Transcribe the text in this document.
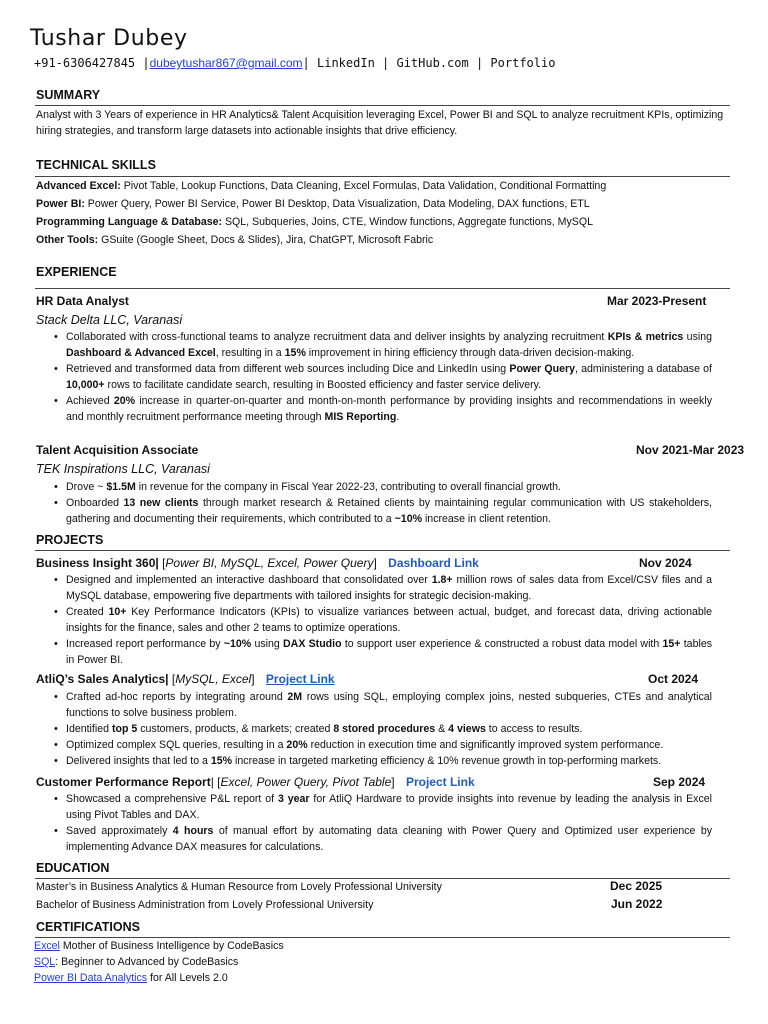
Tushar Dubey
+91-6306427845 |dubeytushar867@gmail.com| LinkedIn | GitHub.com | Portfolio
SUMMARY
Analyst with 3 Years of experience in HR Analytics& Talent Acquisition leveraging Excel, Power BI and SQL to analyze recruitment KPIs, optimizing hiring strategies, and transform large datasets into actionable insights that drive efficiency.
TECHNICAL SKILLS
Advanced Excel: Pivot Table, Lookup Functions, Data Cleaning, Excel Formulas, Data Validation, Conditional Formatting
Power BI: Power Query, Power BI Service, Power BI Desktop, Data Visualization, Data Modeling, DAX functions, ETL
Programming Language & Database: SQL, Subqueries, Joins, CTE, Window functions, Aggregate functions, MySQL
Other Tools: GSuite (Google Sheet, Docs & Slides), Jira, ChatGPT, Microsoft Fabric
EXPERIENCE
HR Data Analyst	Mar 2023-Present
Stack Delta LLC, Varanasi
• Collaborated with cross-functional teams to analyze recruitment data and deliver insights by analyzing recruitment KPIs & metrics using Dashboard & Advanced Excel, resulting in a 15% improvement in hiring efficiency through data-driven decision-making.
• Retrieved and transformed data from different web sources including Dice and LinkedIn using Power Query, administering a database of 10,000+ rows to facilitate candidate search, resulting in Boosted efficiency and faster service delivery.
• Achieved 20% increase in quarter-on-quarter and month-on-month performance by providing insights and recommendations in weekly and monthly recruitment performance meeting through MIS Reporting.
Talent Acquisition Associate	Nov 2021-Mar 2023
TEK Inspirations LLC, Varanasi
• Drove ~ $1.5M in revenue for the company in Fiscal Year 2022-23, contributing to overall financial growth.
• Onboarded 13 new clients through market research & Retained clients by maintaining regular communication with US stakeholders, gathering and documenting their requirements, which contributed to a ~10% increase in client retention.
PROJECTS
Business Insight 360| [Power BI, MySQL, Excel, Power Query] Dashboard Link	Nov 2024
• Designed and implemented an interactive dashboard that consolidated over 1.8+ million rows of sales data from Excel/CSV files and a MySQL database, empowering five departments with tailored insights for strategic decision-making.
• Created 10+ Key Performance Indicators (KPIs) to visualize variances between actual, budget, and forecast data, driving actionable insights for the finance, sales and other 2 teams to optimize operations.
• Increased report performance by ~10% using DAX Studio to support user experience & constructed a robust data model with 15+ tables in Power BI.
AtliQ’s Sales Analytics| [MySQL, Excel] Project Link	Oct 2024
• Crafted ad-hoc reports by integrating around 2M rows using SQL, employing complex joins, nested subqueries, CTEs and analytical functions to solve business problem.
• Identified top 5 customers, products, & markets; created 8 stored procedures & 4 views to access to results.
• Optimized complex SQL queries, resulting in a 20% reduction in execution time and significantly improved system performance.
• Delivered insights that led to a 15% increase in targeted marketing efficiency & 10% revenue growth in top-performing markets.
Customer Performance Report| [Excel, Power Query, Pivot Table] Project Link	Sep 2024
• Showcased a comprehensive P&L report of 3 year for AtliQ Hardware to provide insights into revenue by leading the analysis in Excel using Pivot Tables and DAX.
• Saved approximately 4 hours of manual effort by automating data cleaning with Power Query and Optimized user experience by implementing Advance DAX measures for calculations.
EDUCATION
Master’s in Business Analytics & Human Resource from Lovely Professional University	Dec 2025
Bachelor of Business Administration from Lovely Professional University	Jun 2022
CERTIFICATIONS
Excel Mother of Business Intelligence by CodeBasics
SQL: Beginner to Advanced by CodeBasics
Power BI Data Analytics for All Levels 2.0
